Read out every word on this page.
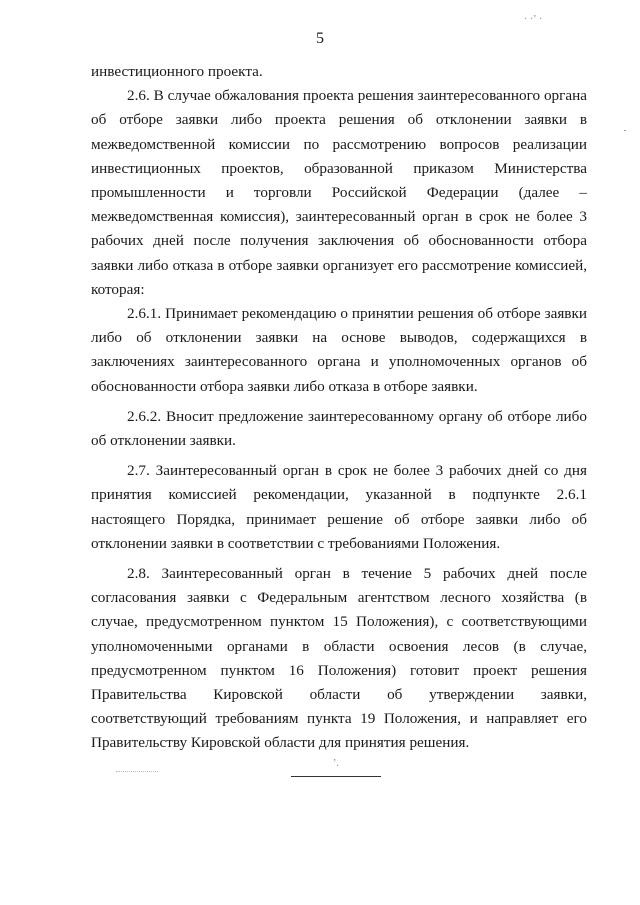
5
· ·ʼ ·

инвестиционного проекта.

2.6. В случае обжалования проекта решения заинтересованного органа об отборе заявки либо проекта решения об отклонении заявки в межведомственной комиссии по рассмотрению вопросов реализации инвестиционных проектов, образованной приказом Министерства промышленности и торговли Российской Федерации (далее – межведомственная комиссия), заинтересованный орган в срок не более 3 рабочих дней после получения заключения об обоснованности отбора заявки либо отказа в отборе заявки организует его рассмотрение комиссией, которая:

2.6.1. Принимает рекомендацию о принятии решения об отборе заявки либо об отклонении заявки на основе выводов, содержащихся в заключениях заинтересованного органа и уполномоченных органов об обоснованности отбора заявки либо отказа в отборе заявки.

2.6.2. Вносит предложение заинтересованному органу об отборе либо об отклонении заявки.

2.7. Заинтересованный орган в срок не более 3 рабочих дней со дня принятия комиссией рекомендации, указанной в подпункте 2.6.1 настоящего Порядка, принимает решение об отборе заявки либо об отклонении заявки в соответствии с требованиями Положения.

2.8. Заинтересованный орган в течение 5 рабочих дней после согласования заявки с Федеральным агентством лесного хозяйства (в случае, предусмотренном пунктом 15 Положения), с соответствующими уполномоченными органами в области освоения лесов (в случае, предусмотренном пунктом 16 Положения) готовит проект решения Правительства Кировской области об утверждении заявки, соответствующий требованиям пункта 19 Положения, и направляет его Правительству Кировской области для принятия решения.

ʼ.
